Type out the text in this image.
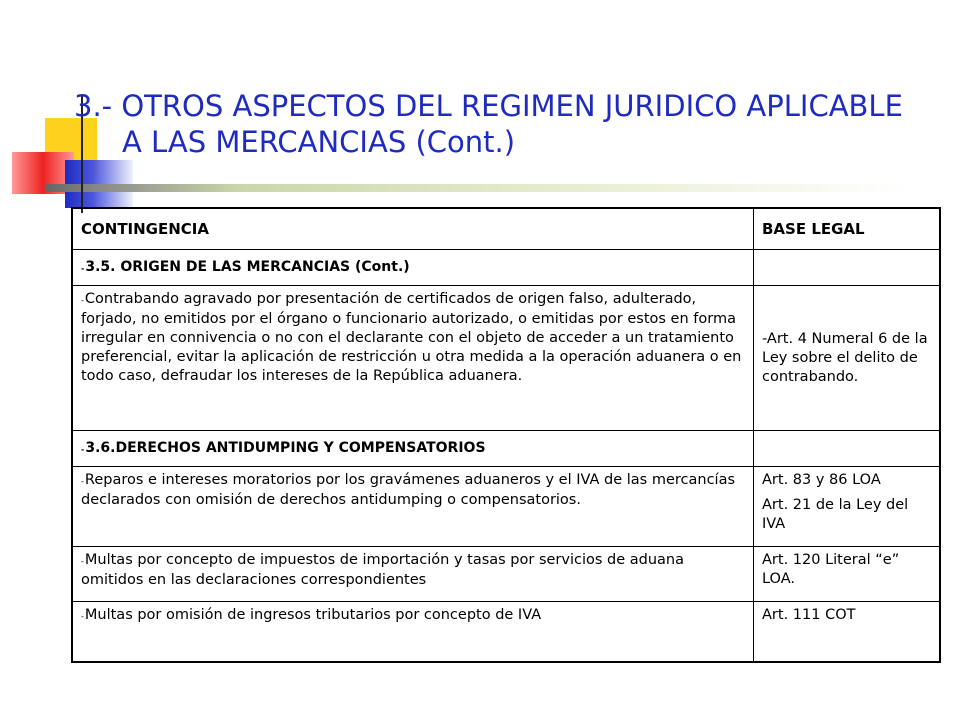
3.- OTROS ASPECTOS DEL REGIMEN JURIDICO APLICABLE
A LAS MERCANCIAS (Cont.)
CONTINGENCIA	BASE LEGAL
-3.5. ORIGEN DE LAS MERCANCIAS (Cont.)	
-Contrabando agravado por presentación de certificados de origen falso, adulterado, forjado, no emitidos por el órgano o funcionario autorizado, o emitidas por estos en forma irregular en connivencia o no con el declarante con el objeto de acceder a un tratamiento preferencial, evitar la aplicación de restricción u otra medida a la operación aduanera o en todo caso, defraudar los intereses de la República aduanera.	-Art. 4 Numeral 6 de la Ley sobre el delito de contrabando.
-3.6.DERECHOS ANTIDUMPING Y COMPENSATORIOS	
-Reparos e intereses moratorios por los gravámenes aduaneros y el IVA de las mercancías declarados con omisión de derechos antidumping o compensatorios.	Art. 83 y 86 LOA

Art. 21 de la Ley del IVA

-Multas por concepto de impuestos de importación y tasas por servicios de aduana omitidos en las declaraciones correspondientes	Art. 120 Literal “e” LOA.
-Multas por omisión de ingresos tributarios por concepto de IVA	Art. 111 COT
